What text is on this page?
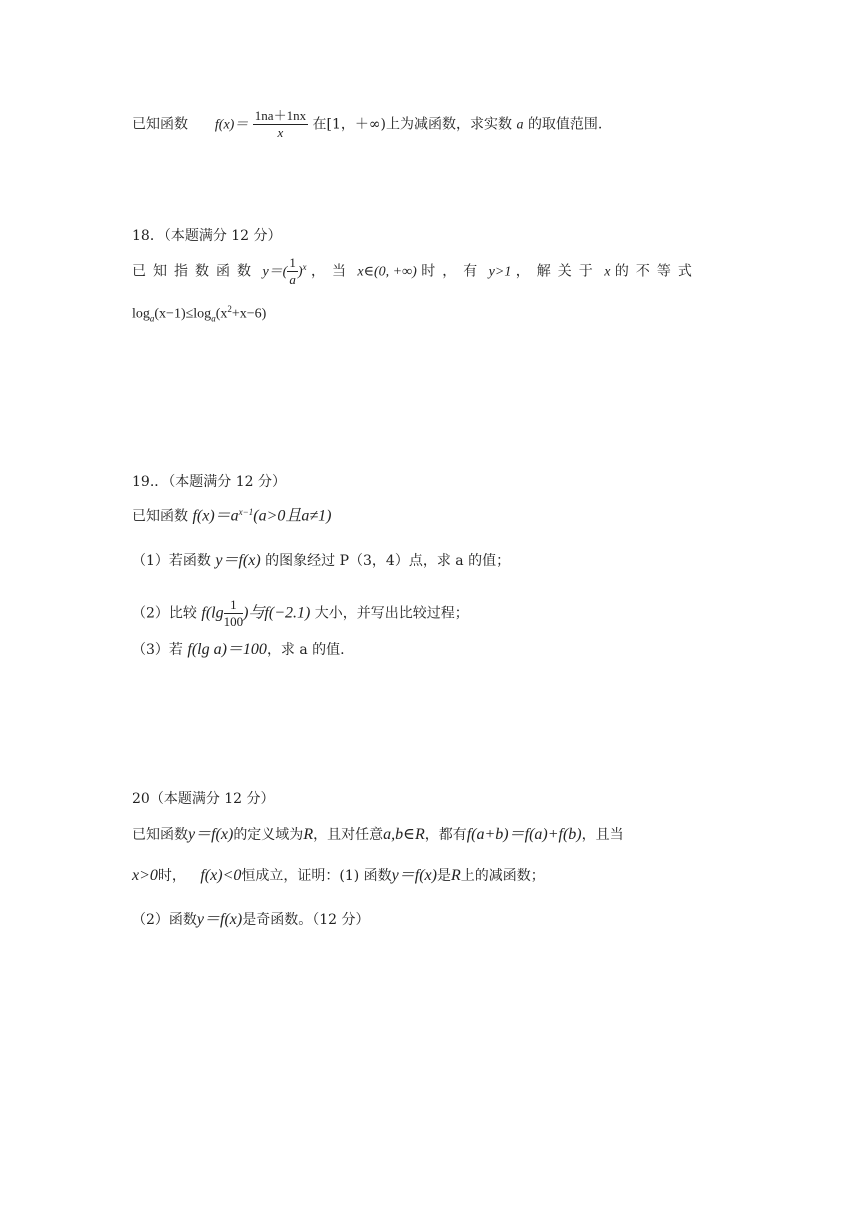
已知函数 $f(x)= \frac{1na+1nx}{x}$ 在[1，＋∞)上为减函数，求实数 a 的取值范围.
18．（本题满分 12 分）
已知指数函数 $y=( \frac{1}{a} )^x$ ，当 x∈(0, +∞) 时，有 y>1 ，解关于 x 的不等式
$\log_a(x-1)\le\log_a(x^2+x-6)$
19.．（本题满分 12 分）
已知函数 $f(x)=a^{x-1}(a>0$且a≠1)
（1）若函数 y＝f(x) 的图象经过 P（3，4）点，求 a 的值；
（2）比较 $f(\lg \frac{1}{100}$ )与f(−2.1) 大小，并写出比较过程；
（3）若 f(lg a)＝100，求 a 的值.
20（本题满分 12 分）
已知函数y＝f(x)的定义域为R，且对任意a,b∈R，都有f(a+b)＝f(a)+f(b)，且当
x>0时， f(x)<0恒成立，证明：(1) 函数y＝f(x)是R上的减函数；
（2）函数y＝f(x)是奇函数。（12 分）
